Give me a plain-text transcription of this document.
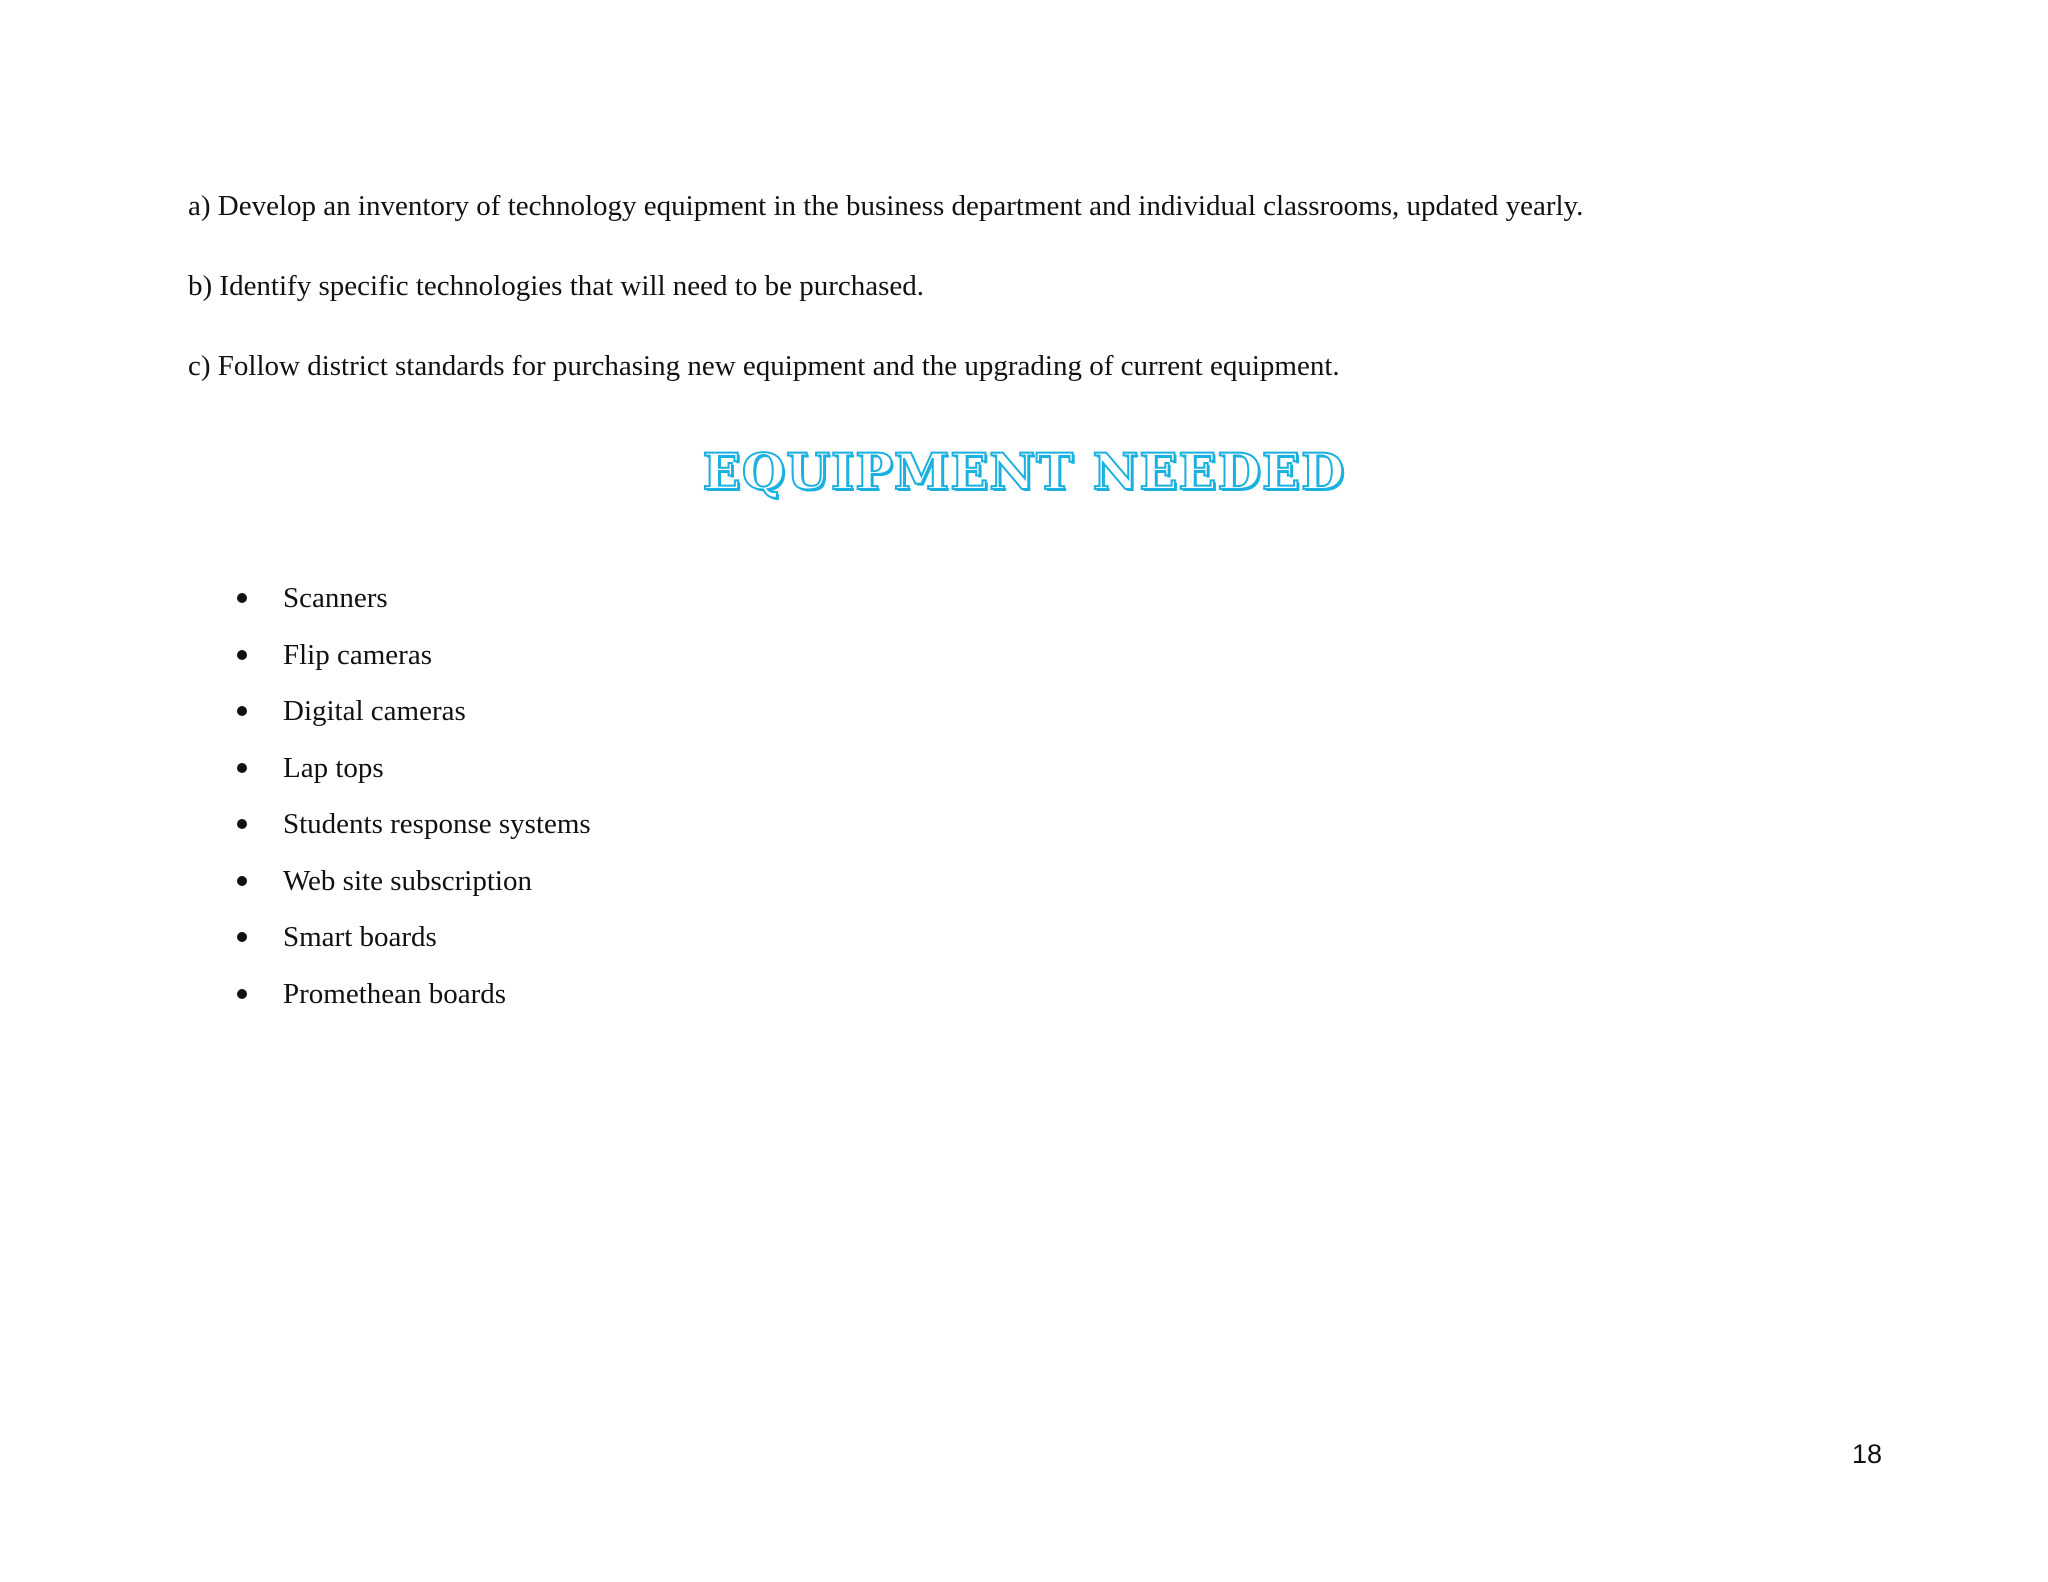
a) Develop an inventory of technology equipment in the business department and individual classrooms, updated yearly.
b) Identify specific technologies that will need to be purchased.
c) Follow district standards for purchasing new equipment and the upgrading of current equipment.
EQUIPMENT NEEDED
Scanners
Flip cameras
Digital cameras
Lap tops
Students response systems
Web site subscription
Smart boards
Promethean boards
18
